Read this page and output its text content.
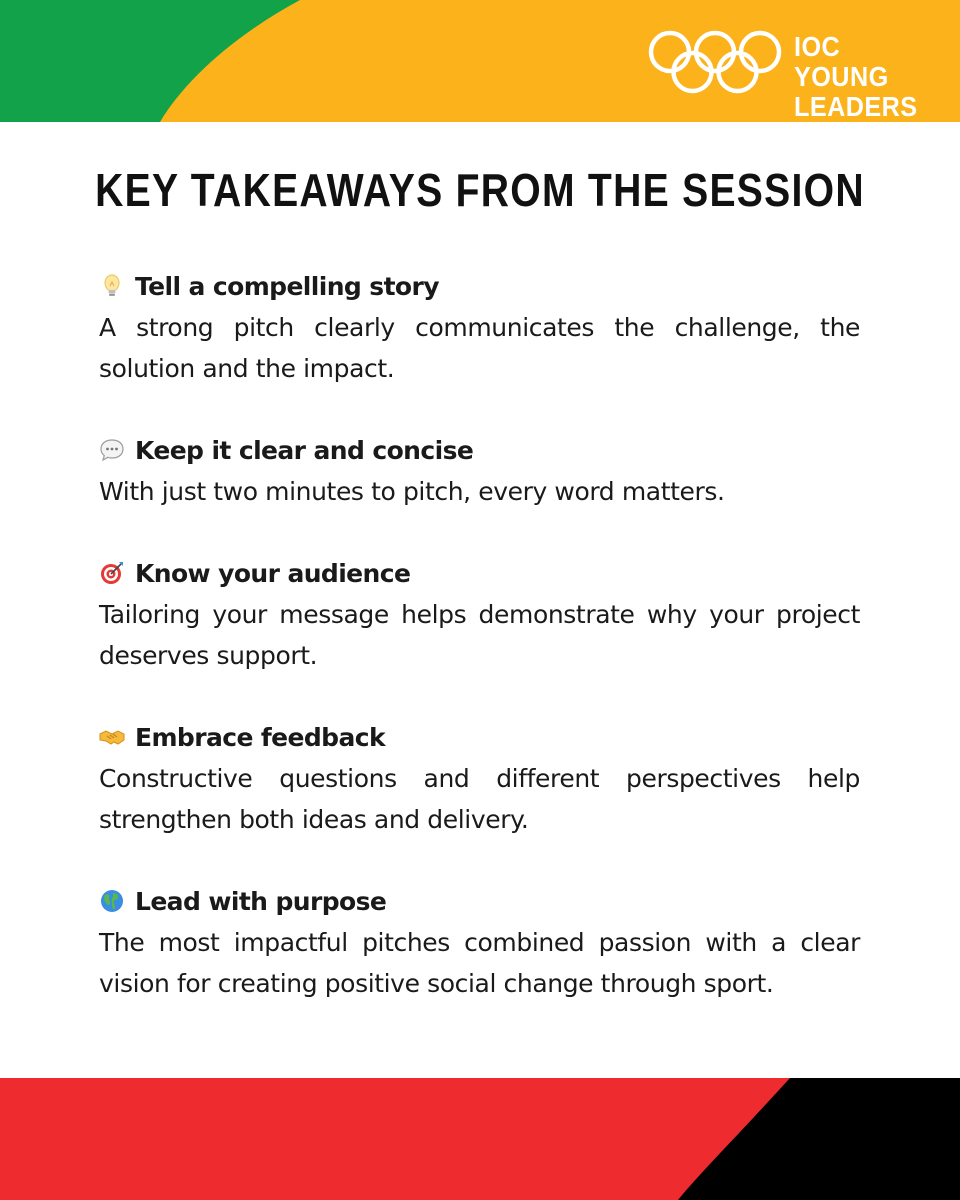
IOC YOUNG
LEADERS
KEY TAKEAWAYS FROM THE SESSION
Tell a compelling story

A strong pitch clearly communicates the challenge, the solution and the impact.

Keep it clear and concise

With just two minutes to pitch, every word matters.

Know your audience

Tailoring your message helps demonstrate why your project deserves support.

Embrace feedback

Constructive questions and different perspectives help strengthen both ideas and delivery.

Lead with purpose

The most impactful pitches combined passion with a clear vision for creating positive social change through sport.
